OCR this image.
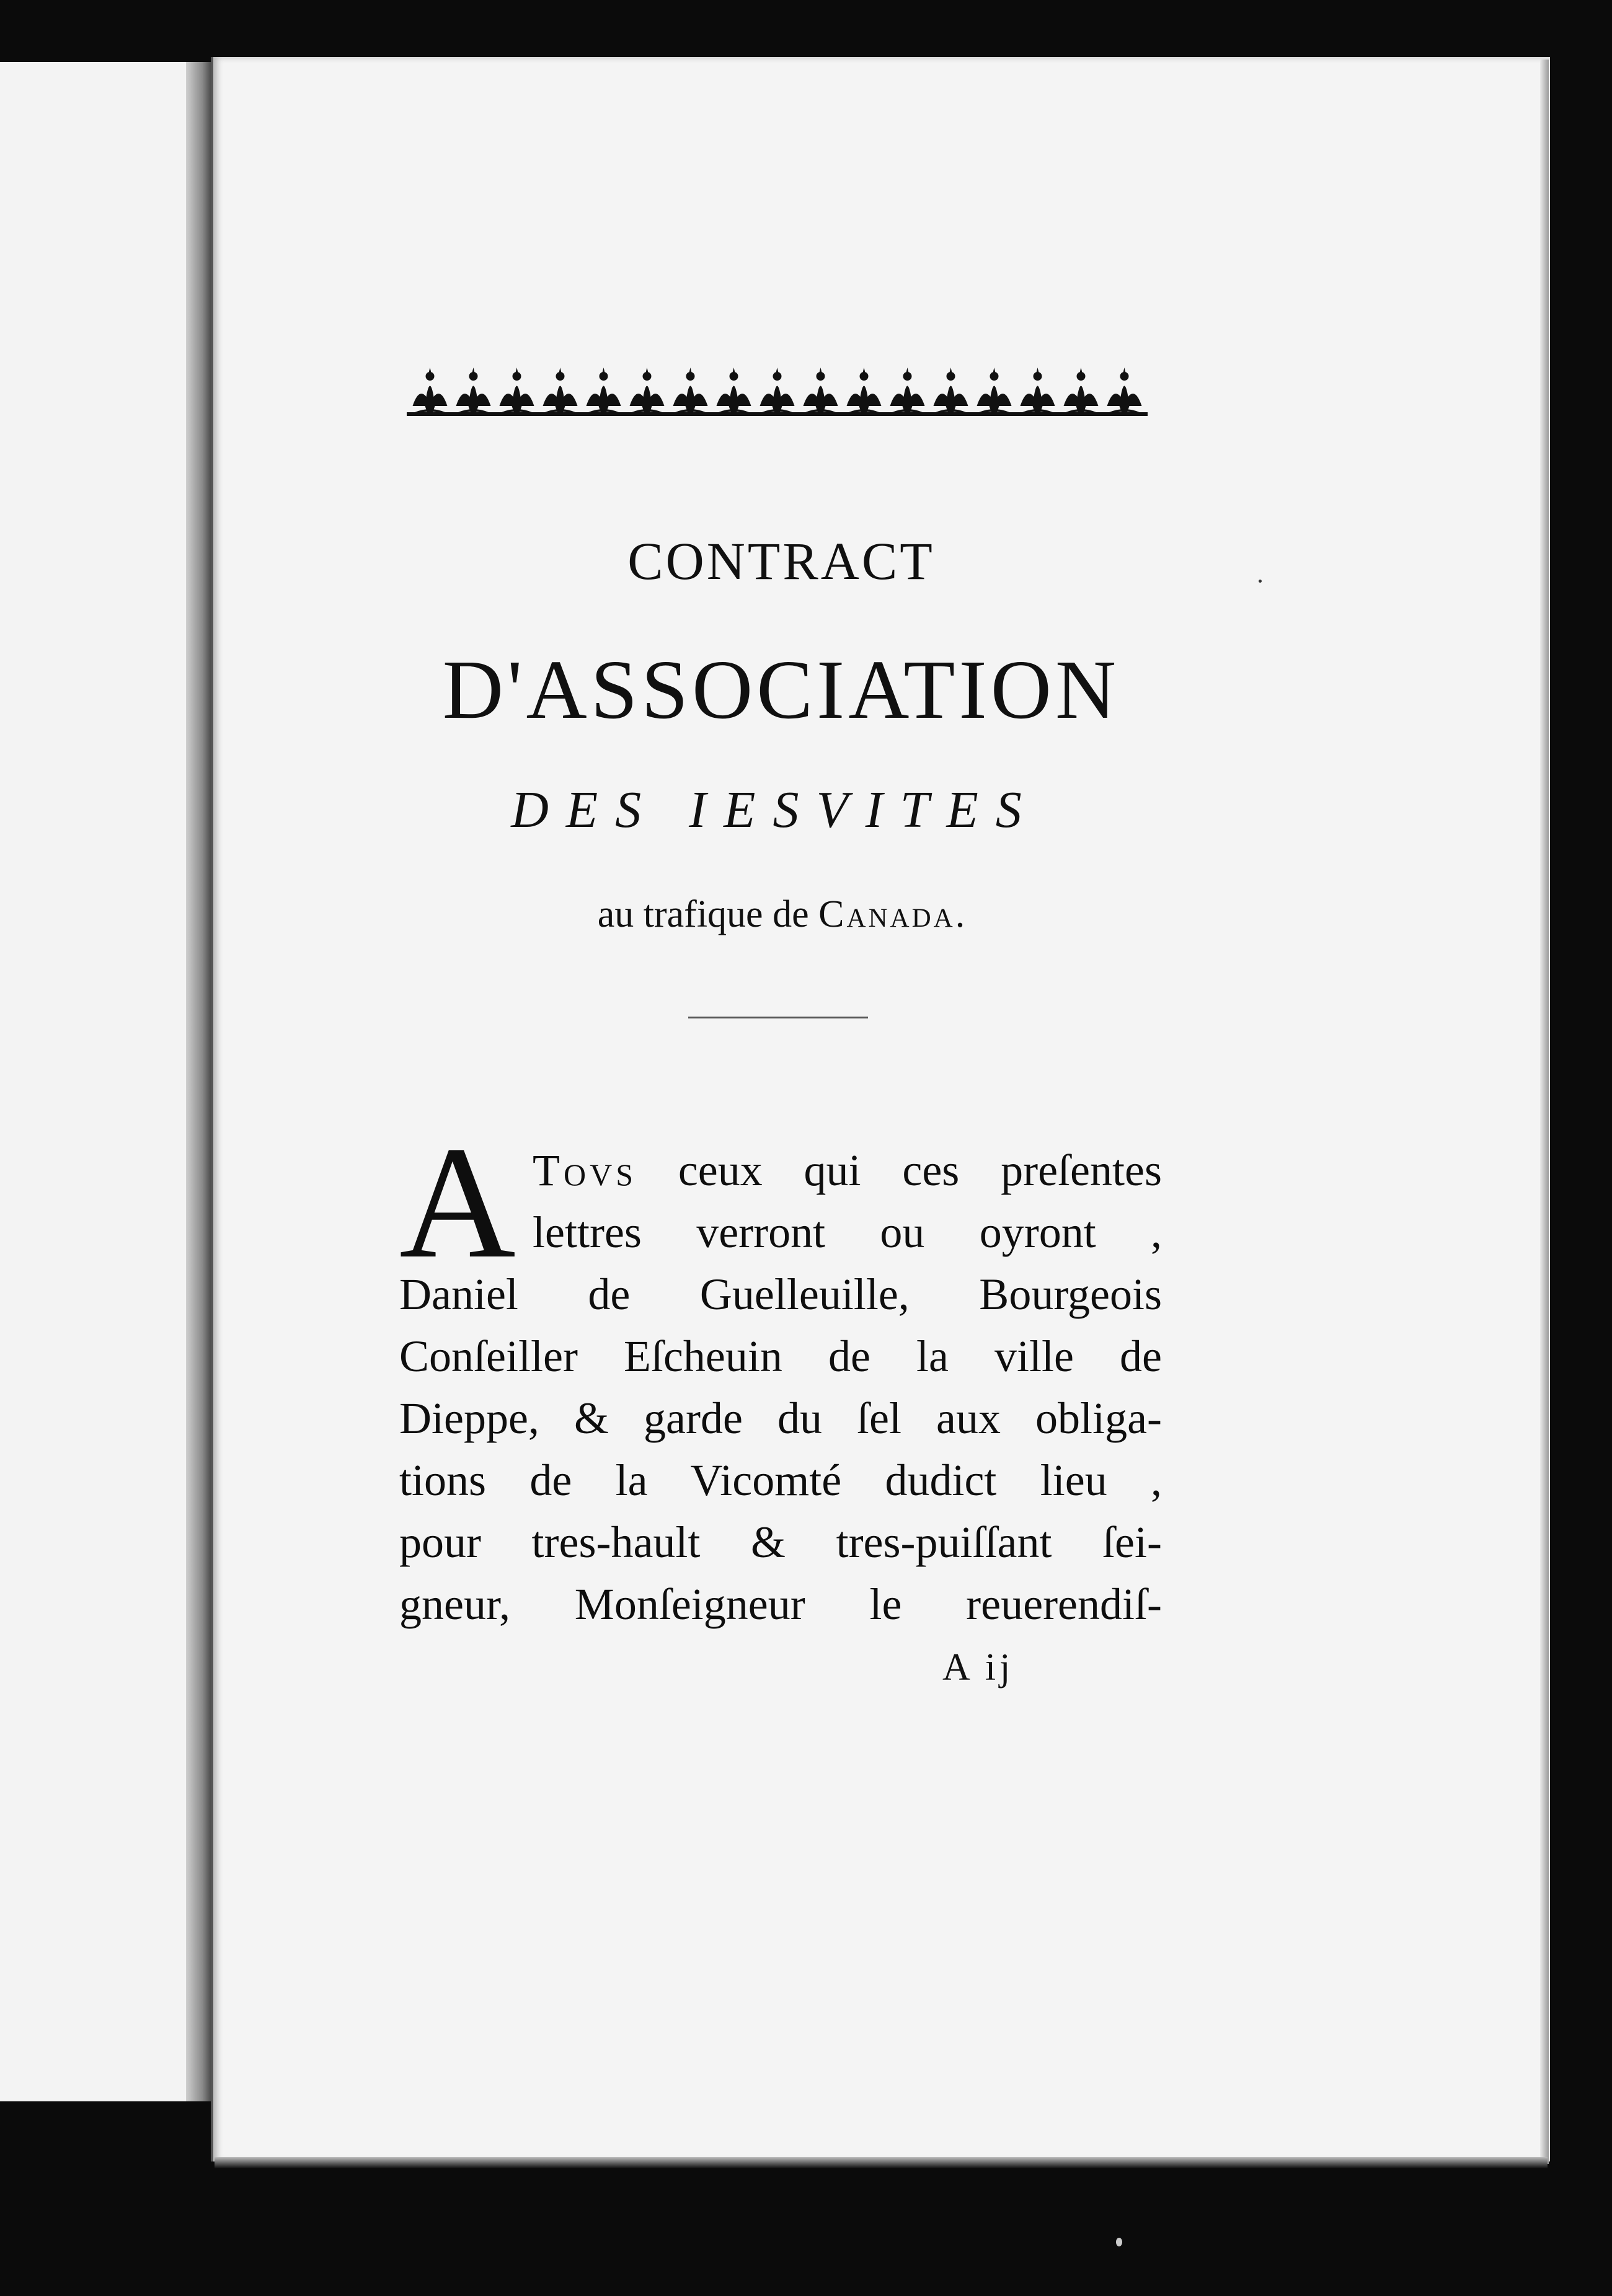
CONTRACT
D'ASSOCIATION
DES IESVITES

au trafique de Canada.

A Tovs ceux qui ces preſentes
lettres verront ou oyront ,
Daniel de Guelleuille, Bourgeois
Conſeiller Eſcheuin de la ville de
Dieppe, & garde du ſel aux obliga-
tions de la Vicomté dudict lieu ,
pour tres-hault & tres-puiſſant ſei-
gneur, Monſeigneur le reuerendiſ-
A ij
